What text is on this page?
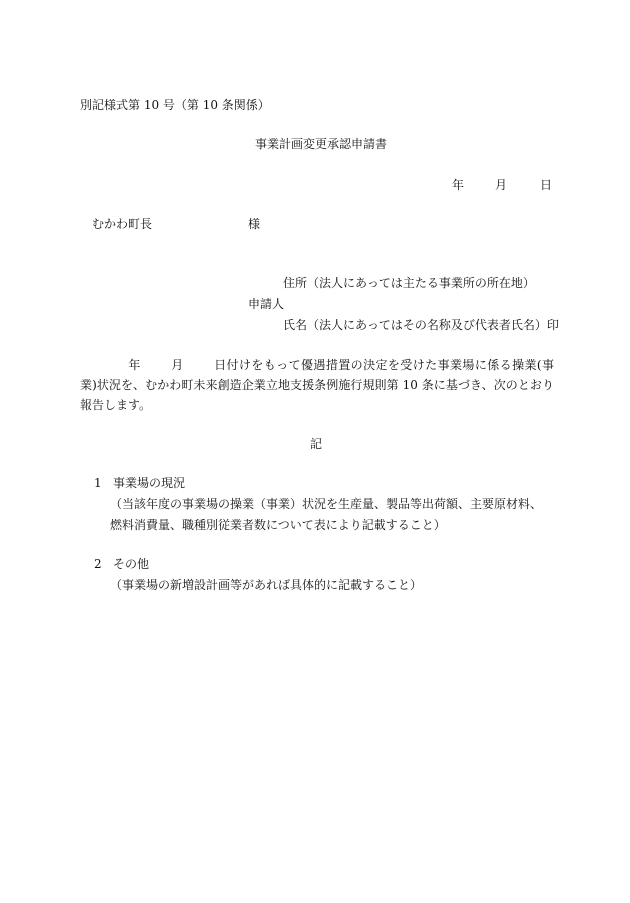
別記様式第 10 号（第 10 条関係）
事業計画変更承認申請書
年	月	日
むかわ町長	様
住所（法人にあっては主たる事業所の所在地）
申請人
氏名（法人にあってはその名称及び代表者氏名）印
年	月	日付けをもって優遇措置の決定を受けた事業場に係る操業(事業)状況を、むかわ町未来創造企業立地支援条例施行規則第 10 条に基づき、次のとおり報告します。
記
1 事業場の現況
（当該年度の事業場の操業（事業）状況を生産量、製品等出荷額、主要原材料、燃料消費量、職種別従業者数について表により記載すること）
2 その他
（事業場の新増設計画等があれば具体的に記載すること）
